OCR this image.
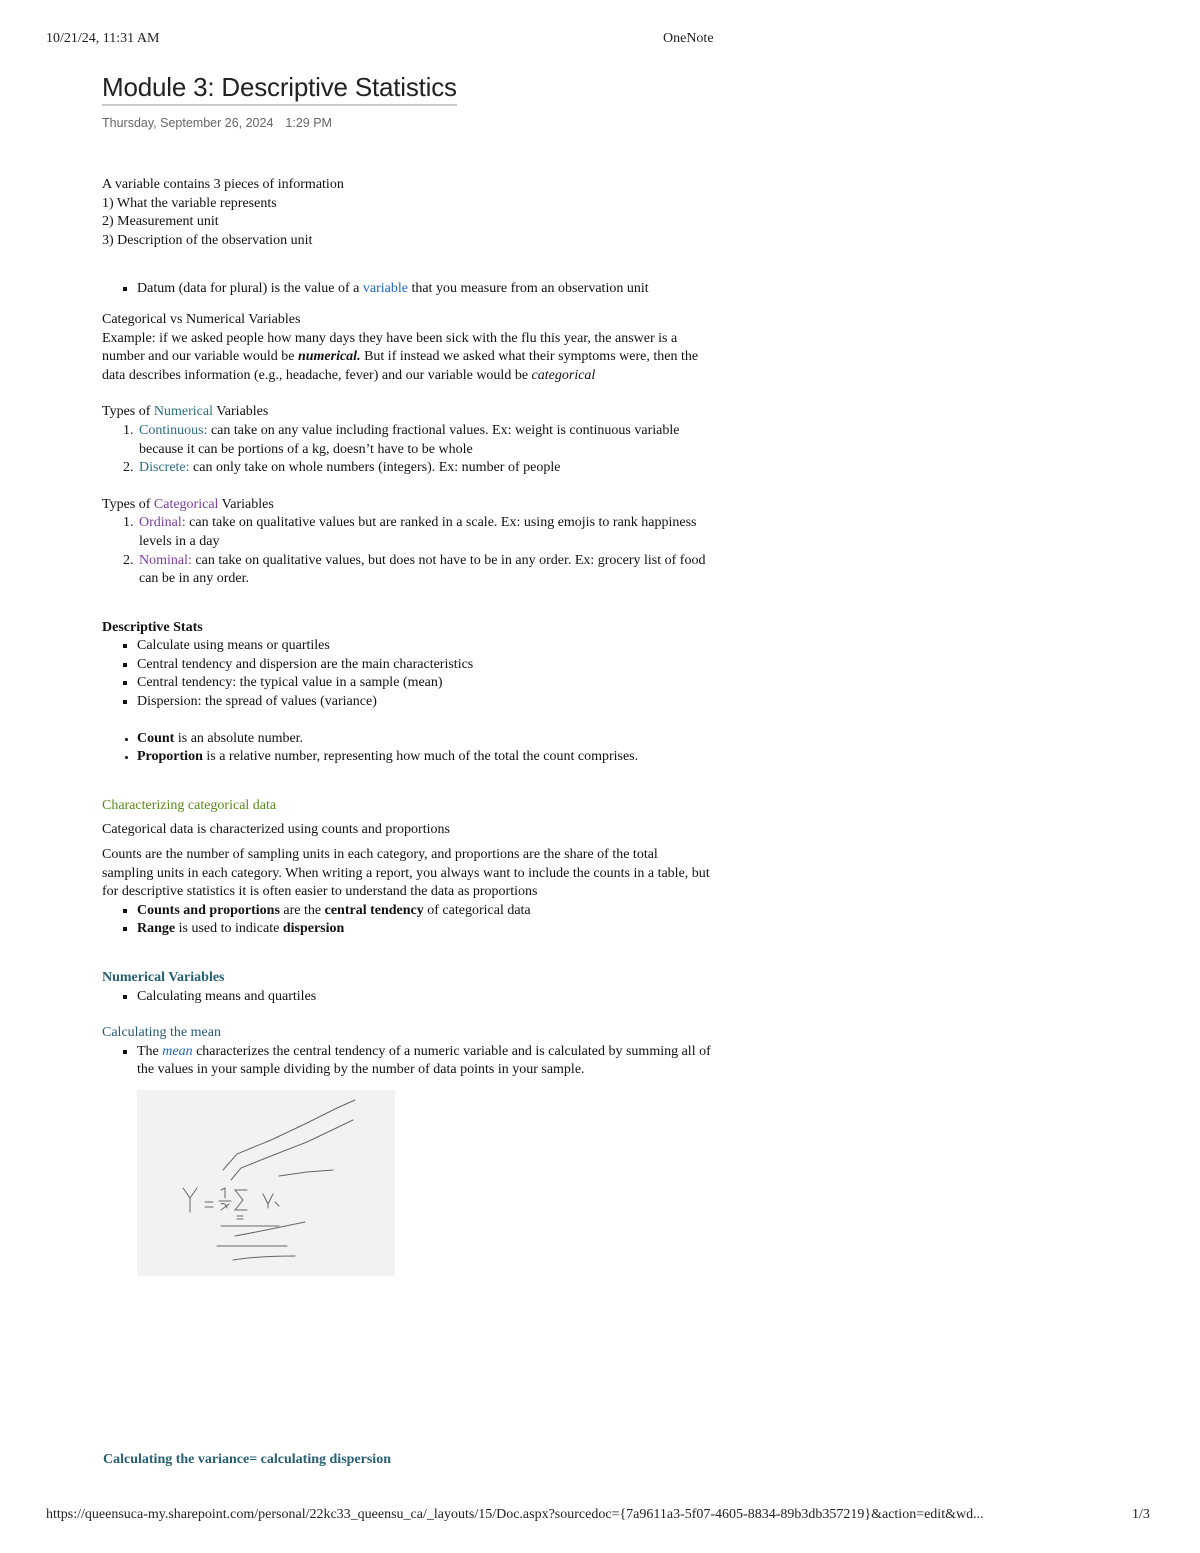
10/21/24, 11:31 AM	OneNote
Module 3: Descriptive Statistics
Thursday, September 26, 2024 1:29 PM

A variable contains 3 pieces of information

1) What the variable represents

2) Measurement unit

3) Description of the observation unit

▪ Datum (data for plural) is the value of a variable that you measure from an observation unit

Categorical vs Numerical Variables

Example: if we asked people how many days they have been sick with the flu this year, the answer is a number and our variable would be numerical. But if instead we asked what their symptoms were, then the data describes information (e.g., headache, fever) and our variable would be categorical

Types of Numerical Variables

1. Continuous: can take on any value including fractional values. Ex: weight is continuous variable because it can be portions of a kg, doesn’t have to be whole
2. Discrete: can only take on whole numbers (integers). Ex: number of people

Types of Categorical Variables

1. Ordinal: can take on qualitative values but are ranked in a scale. Ex: using emojis to rank happiness levels in a day
2. Nominal: can take on qualitative values, but does not have to be in any order. Ex: grocery list of food can be in any order.

Descriptive Stats

▪ Calculate using means or quartiles
▪ Central tendency and dispersion are the main characteristics
▪ Central tendency: the typical value in a sample (mean)
▪ Dispersion: the spread of values (variance)
• Count is an absolute number.
• Proportion is a relative number, representing how much of the total the count comprises.

Characterizing categorical data

Categorical data is characterized using counts and proportions

Counts are the number of sampling units in each category, and proportions are the share of the total sampling units in each category. When writing a report, you always want to include the counts in a table, but for descriptive statistics it is often easier to understand the data as proportions

▪ Counts and proportions are the central tendency of categorical data
▪ Range is used to indicate dispersion

Numerical Variables

▪ Calculating means and quartiles

Calculating the mean

▪ The mean characterizes the central tendency of a numeric variable and is calculated by summing all of the values in your sample dividing by the number of data points in your sample.
Calculating the variance= calculating dispersion
https://queensuca-my.sharepoint.com/personal/22kc33_queensu_ca/_layouts/15/Doc.aspx?sourcedoc={7a9611a3-5f07-4605-8834-89b3db357219}&action=edit&wd...	1/3
